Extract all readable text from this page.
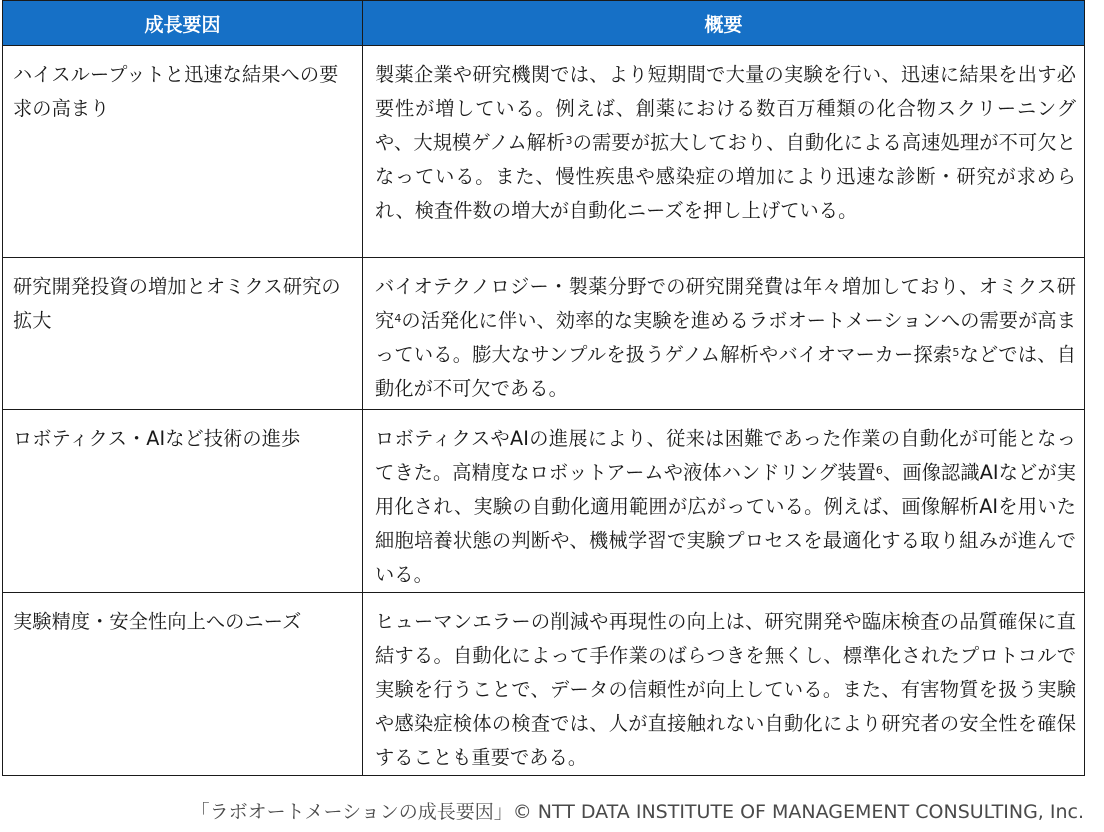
成長要因	概要
ハイスループットと迅速な結果への要求の高まり	製薬企業や研究機関では、より短期間で大量の実験を行い、迅速に結果を出す必要性が増している。例えば、創薬における数百万種類の化合物スクリーニングや、大規模ゲノム解析$^3$の需要が拡大しており、自動化による高速処理が不可欠となっている。また、慢性疾患や感染症の増加により迅速な診断・研究が求められ、検査件数の増大が自動化ニーズを押し上げている。
研究開発投資の増加とオミクス研究の拡大	バイオテクノロジー・製薬分野での研究開発費は年々増加しており、オミクス研究$^4$の活発化に伴い、効率的な実験を進めるラボオートメーションへの需要が高まっている。膨大なサンプルを扱うゲノム解析やバイオマーカー探索$^5$などでは、自動化が不可欠である。
ロボティクス・AIなど技術の進歩	ロボティクスやAIの進展により、従来は困難であった作業の自動化が可能となってきた。高精度なロボットアームや液体ハンドリング装置$^6$、画像認識AIなどが実用化され、実験の自動化適用範囲が広がっている。例えば、画像解析AIを用いた細胞培養状態の判断や、機械学習で実験プロセスを最適化する取り組みが進んでいる。
実験精度・安全性向上へのニーズ	ヒューマンエラーの削減や再現性の向上は、研究開発や臨床検査の品質確保に直結する。自動化によって手作業のばらつきを無くし、標準化されたプロトコルで実験を行うことで、データの信頼性が向上している。また、有害物質を扱う実験や感染症検体の検査では、人が直接触れない自動化により研究者の安全性を確保することも重要である。
「ラボオートメーションの成長要因」© NTT DATA INSTITUTE OF MANAGEMENT CONSULTING, Inc.
